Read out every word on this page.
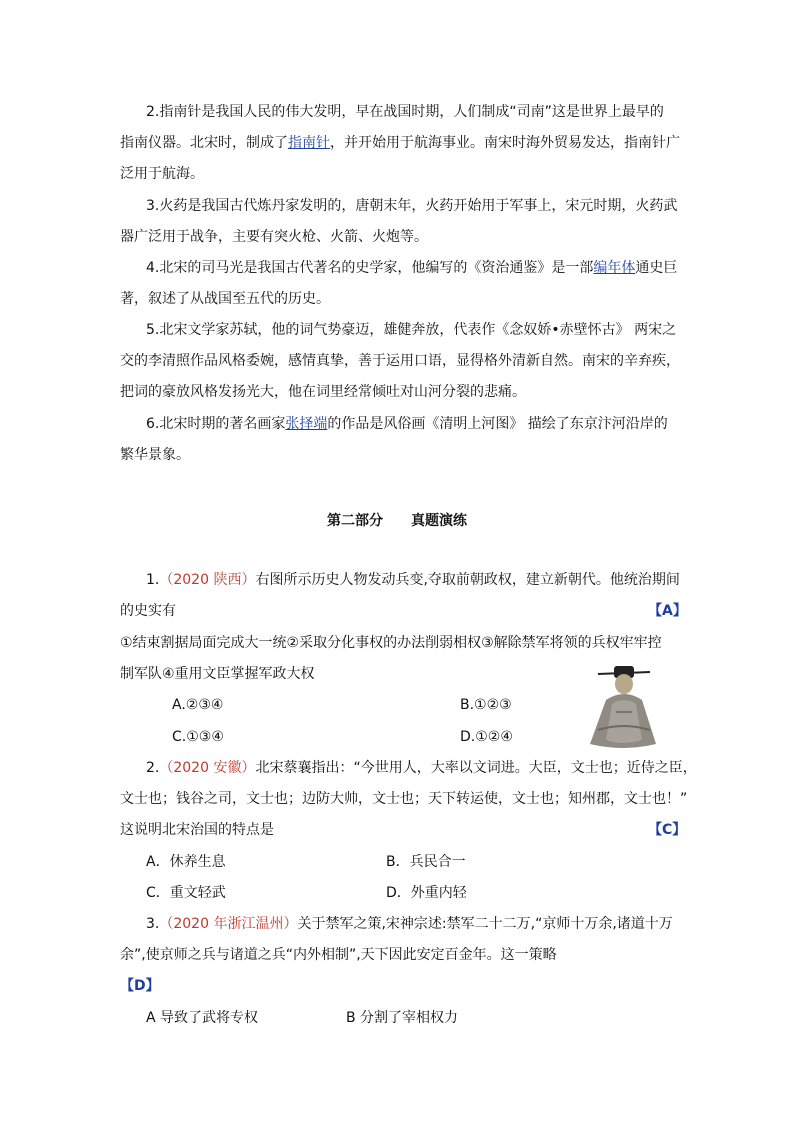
2.指南针是我国人民的伟大发明，早在战国时期，人们制成“司南”这是世界上最早的
指南仪器。北宋时，制成了指南针，并开始用于航海事业。南宋时海外贸易发达，指南针广
泛用于航海。
3.火药是我国古代炼丹家发明的，唐朝末年，火药开始用于军事上，宋元时期，火药武
器广泛用于战争，主要有突火枪、火箭、火炮等。
4.北宋的司马光是我国古代著名的史学家，他编写的《资治通鉴》是一部编年体通史巨
著，叙述了从战国至五代的历史。
5.北宋文学家苏轼，他的词气势豪迈，雄健奔放，代表作《念奴娇•赤壁怀古》 两宋之
交的李清照作品风格委婉，感情真挚，善于运用口语，显得格外清新自然。南宋的辛弃疾，
把词的豪放风格发扬光大，他在词里经常倾吐对山河分裂的悲痛。
6.北宋时期的著名画家张择端的作品是风俗画《清明上河图》 描绘了东京汴河沿岸的
繁华景象。
第二部分 真题演练
1.（2020 陕西）右图所示历史人物发动兵变,夺取前朝政权，建立新朝代。他统治期间
的史实有	【A】
①结束割据局面完成大一统②采取分化事权的办法削弱相权③解除禁军将领的兵权牢牢控
制军队④重用文臣掌握军政大权
A.②③④	B.①②③
C.①③④	D.①②④
2.（2020 安徽）北宋蔡襄指出：“今世用人，大率以文词进。大臣，文士也；近侍之臣，
文士也；钱谷之司，文士也；边防大帅，文士也；天下转运使，文士也；知州郡，文士也！”
这说明北宋治国的特点是	【C】
A．休养生息	B．兵民合一
C．重文轻武	D．外重内轻
3.（2020 年浙江温州）关于禁军之策,宋神宗述:禁军二十二万,“京师十万余,诸道十万
余”,使京师之兵与诸道之兵“内外相制”,天下因此安定百金年。这一策略
【D】
A 导致了武将专权	B 分割了宰相权力
